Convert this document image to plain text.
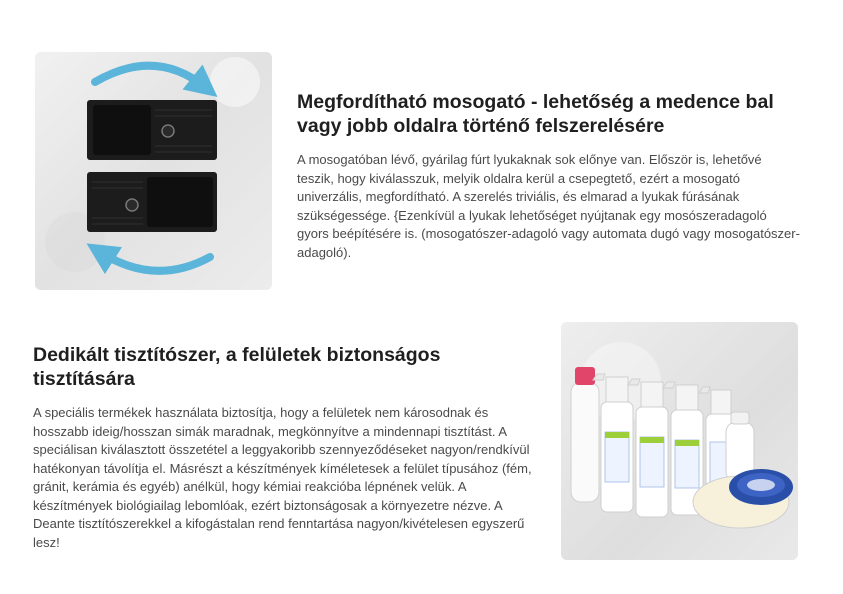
Megfordítható mosogató - lehetőség a medence bal vagy jobb oldalra történő felszerelésére

A mosogatóban lévő, gyárilag fúrt lyukaknak sok előnye van. Először is, lehetővé teszik, hogy kiválasszuk, melyik oldalra kerül a csepegtető, ezért a mosogató univerzális, megfordítható. A szerelés triviális, és elmarad a lyukak fúrásának szükségessége. {Ezenkívül a lyukak lehetőséget nyújtanak egy mosószeradagoló gyors beépítésére is. (mosogatószer-adagoló vagy automata dugó vagy mosogatószer-adagoló).

Dedikált tisztítószer, a felületek biztonságos tisztítására

A speciális termékek használata biztosítja, hogy a felületek nem károsodnak és hosszabb ideig/hosszan simák maradnak, megkönnyítve a mindennapi tisztítást. A speciálisan kiválasztott összetétel a leggyakoribb szennyeződéseket nagyon/rendkívül hatékonyan távolítja el. Másrészt a készítmények kíméletesek a felület típusához (fém, gránit, kerámia és egyéb) anélkül, hogy kémiai reakcióba lépnének velük. A készítmények biológiailag lebomlóak, ezért biztonságosak a környezetre nézve. A Deante tisztítószerekkel a kifogástalan rend fenntartása nagyon/kivételesen egyszerű lesz!
